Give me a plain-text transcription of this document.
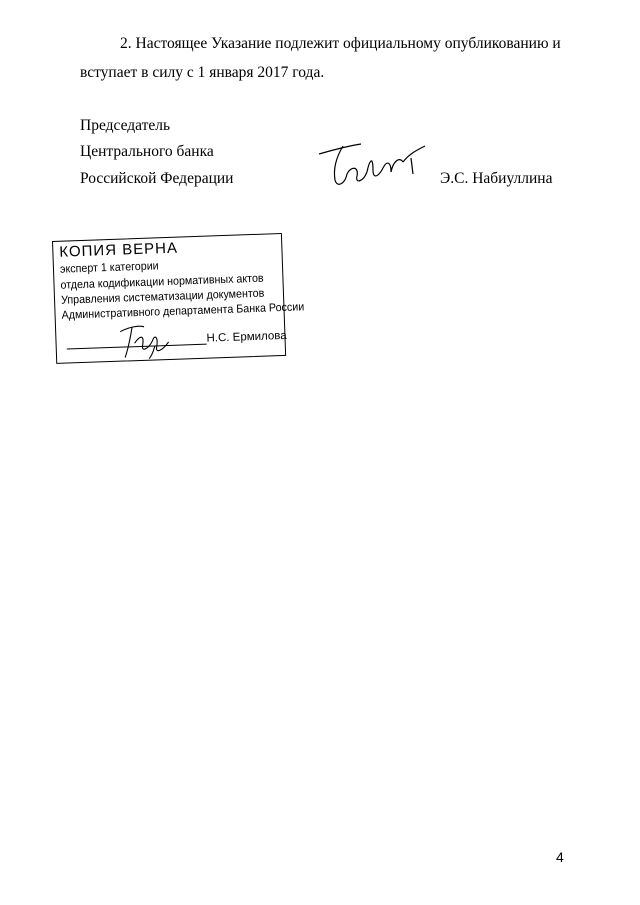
2. Настоящее Указание подлежит официальному опубликованию и
вступает в силу с 1 января 2017 года.
Председатель
Центрального банка
Российской Федерации	Э.С. Набиуллина
КОПИЯ ВЕРНА
эксперт 1 категории
отдела кодификации нормативных актов
Управления систематизации документов
Административного департамента Банка России
Н.С. Ермилова
4
